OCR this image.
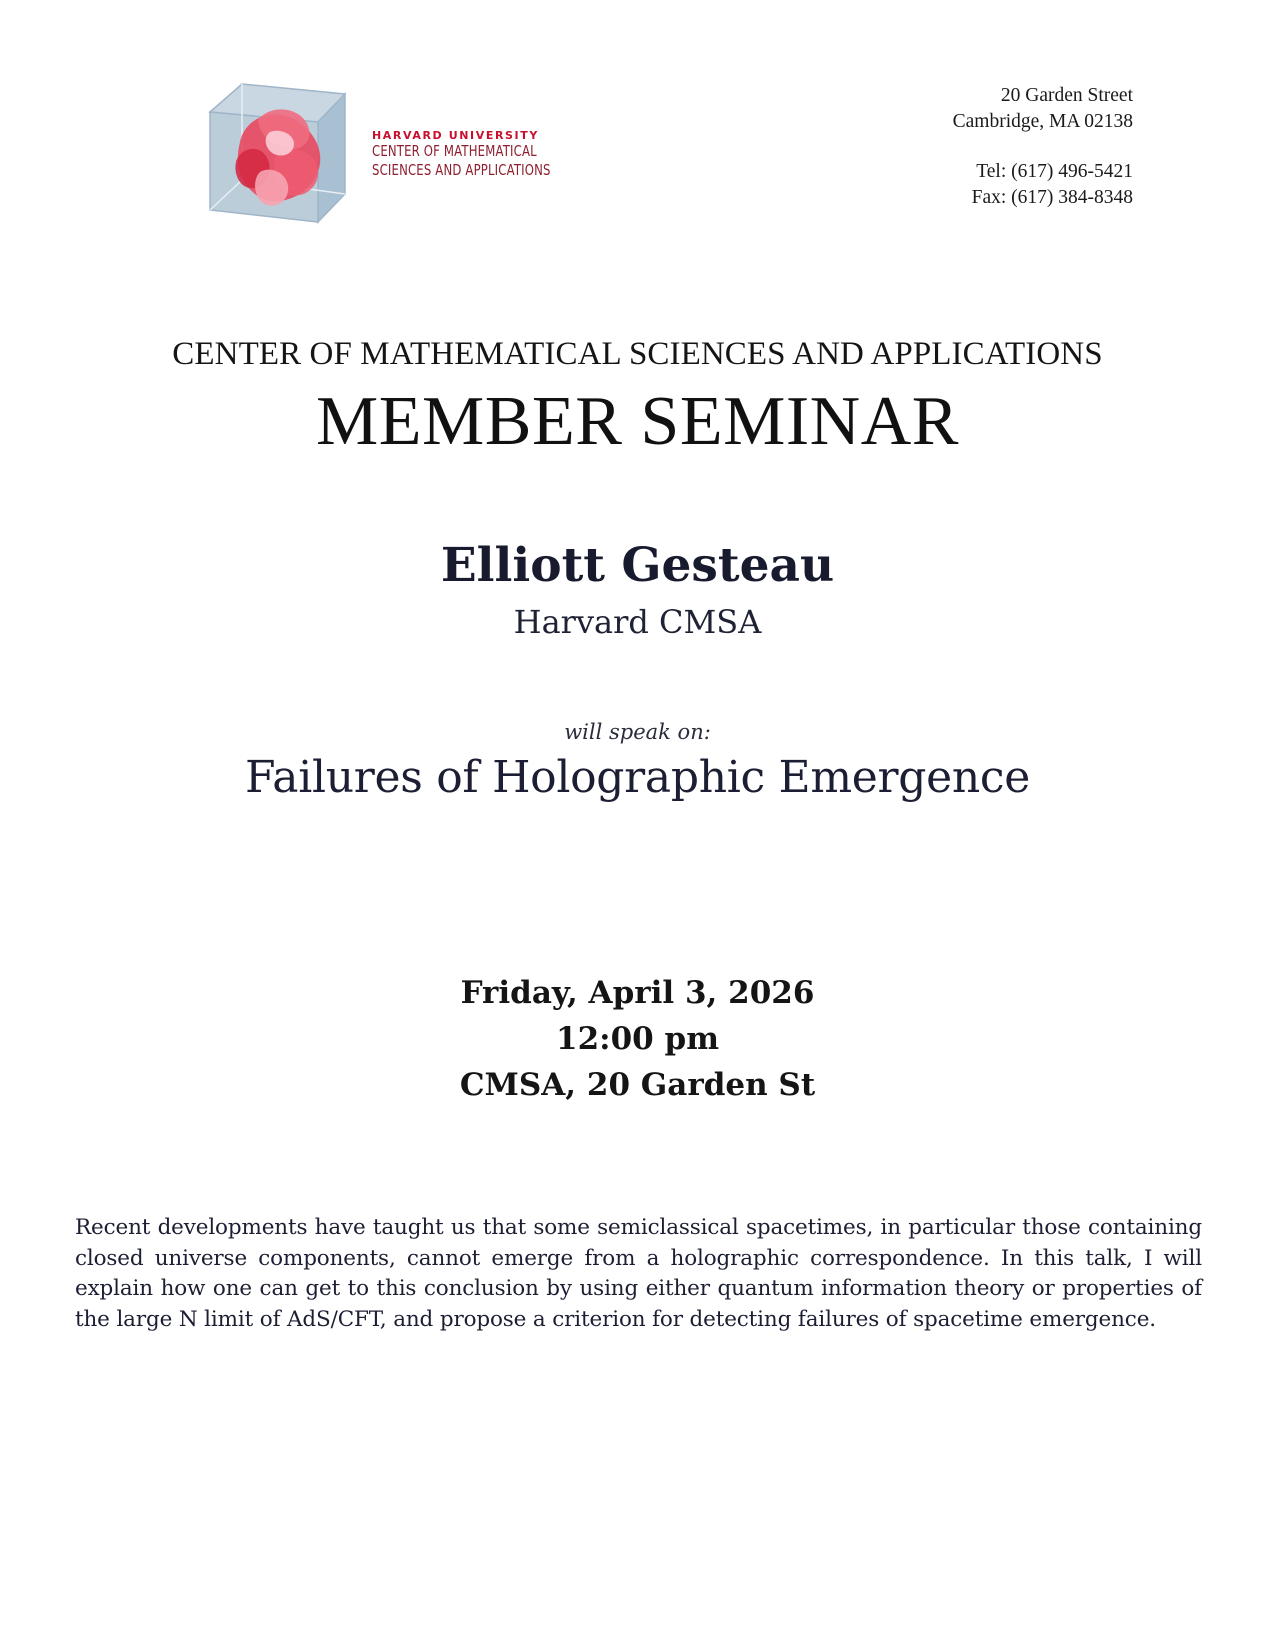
HARVARD UNIVERSITY
CENTER OF MATHEMATICAL
SCIENCES AND APPLICATIONS
20 Garden Street
Cambridge, MA 02138
Tel: (617) 496-5421
Fax: (617) 384-8348
CENTER OF MATHEMATICAL SCIENCES AND APPLICATIONS
MEMBER SEMINAR
Elliott Gesteau
Harvard CMSA
will speak on:
Failures of Holographic Emergence
Friday, April 3, 2026
12:00 pm
CMSA, 20 Garden St
Recent developments have taught us that some semiclassical spacetimes, in particular those containing closed universe components, cannot emerge from a holographic correspondence. In this talk, I will explain how one can get to this conclusion by using either quantum information theory or properties of the large N limit of AdS/CFT, and propose a criterion for detecting failures of spacetime emergence.
